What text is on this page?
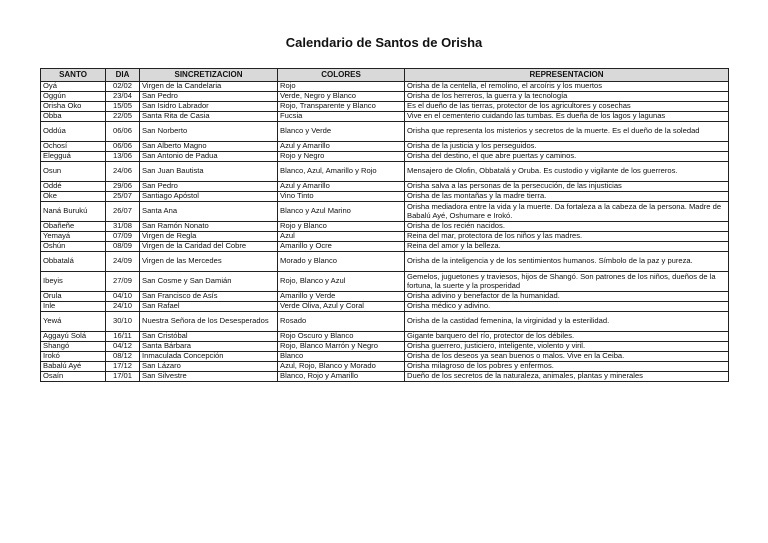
Calendario de Santos de Orisha
SANTO	DIA	SINCRETIZACION	COLORES	REPRESENTACION
Oyá	02/02	Virgen de la Candelaria	Rojo	Orisha de la centella, el remolino, el arcoíris y los muertos
Oggún	23/04	San Pedro	Verde, Negro y Blanco	Orisha de los herreros, la guerra y la tecnología
Orisha Oko	15/05	San Isidro Labrador	Rojo, Transparente y Blanco	Es el dueño de las tierras, protector de los agricultores y cosechas
Obba	22/05	Santa Rita de Casia	Fucsia	Vive en el cementerio cuidando las tumbas. Es dueña de los lagos y lagunas
Oddúa	06/06	San Norberto	Blanco y Verde	Orisha que representa los misterios y secretos de la muerte. Es el dueño de la soledad
Ochosí	06/06	San Alberto Magno	Azul y Amarillo	Orisha de la justicia y los perseguidos.
Elegguá	13/06	San Antonio de Padua	Rojo y Negro	Orisha del destino, el que abre puertas y caminos.
Osun	24/06	San Juan Bautista	Blanco, Azul, Amarillo y Rojo	Mensajero de Olofin, Obbatalá y Oruba. Es custodio y vigilante de los guerreros.
Oddé	29/06	San Pedro	Azul y Amarillo	Orisha salva a las personas de la persecución, de las injusticias
Oke	25/07	Santiago Apóstol	Vino Tinto	Orisha de las montañas y la madre tierra.
Naná Burukú	26/07	Santa Ana	Blanco y Azul Marino	Orisha mediadora entre la vida y la muerte. Da fortaleza a la cabeza de la persona. Madre de Babalú Ayé, Oshumare e Irokó.
Obañeñe	31/08	San Ramón Nonato	Rojo y Blanco	Orisha de los recién nacidos.
Yemayá	07/09	Virgen de Regla	Azul	Reina del mar, protectora de los niños y las madres.
Oshún	08/09	Virgen de la Caridad del Cobre	Amarillo y Ocre	Reina del amor y la belleza.
Obbatalá	24/09	Virgen de las Mercedes	Morado y Blanco	Orisha de la inteligencia y de los sentimientos humanos. Símbolo de la paz y pureza.
Ibeyis	27/09	San Cosme y San Damián	Rojo, Blanco y Azul	Gemelos, juguetones y traviesos, hijos de Shangó. Son patrones de los niños, dueños de la fortuna, la suerte y la prosperidad
Orula	04/10	San Francisco de Asís	Amarillo y Verde	Orisha adivino y benefactor de la humanidad.
Inle	24/10	San Rafael	Verde Oliva, Azul y Coral	Orisha médico y adivino.
Yewá	30/10	Nuestra Señora de los Desesperados	Rosado	Orisha de la castidad femenina, la virginidad y la esterilidad.
Aggayú Solá	16/11	San Cristóbal	Rojo Oscuro y Blanco	Gigante barquero del río, protector de los débiles.
Shangó	04/12	Santa Bárbara	Rojo, Blanco Marrón y Negro	Orisha guerrero, justiciero, inteligente, violento y viril.
Irokó	08/12	Inmaculada Concepción	Blanco	Orisha de los deseos ya sean buenos o malos. Vive en la Ceiba.
Babalú Ayé	17/12	San Lázaro	Azul, Rojo, Blanco y Morado	Orisha milagroso de los pobres y enfermos.
Osaín	17/01	San Silvestre	Blanco, Rojo y Amarillo	Dueño de los secretos de la naturaleza, animales, plantas y minerales
